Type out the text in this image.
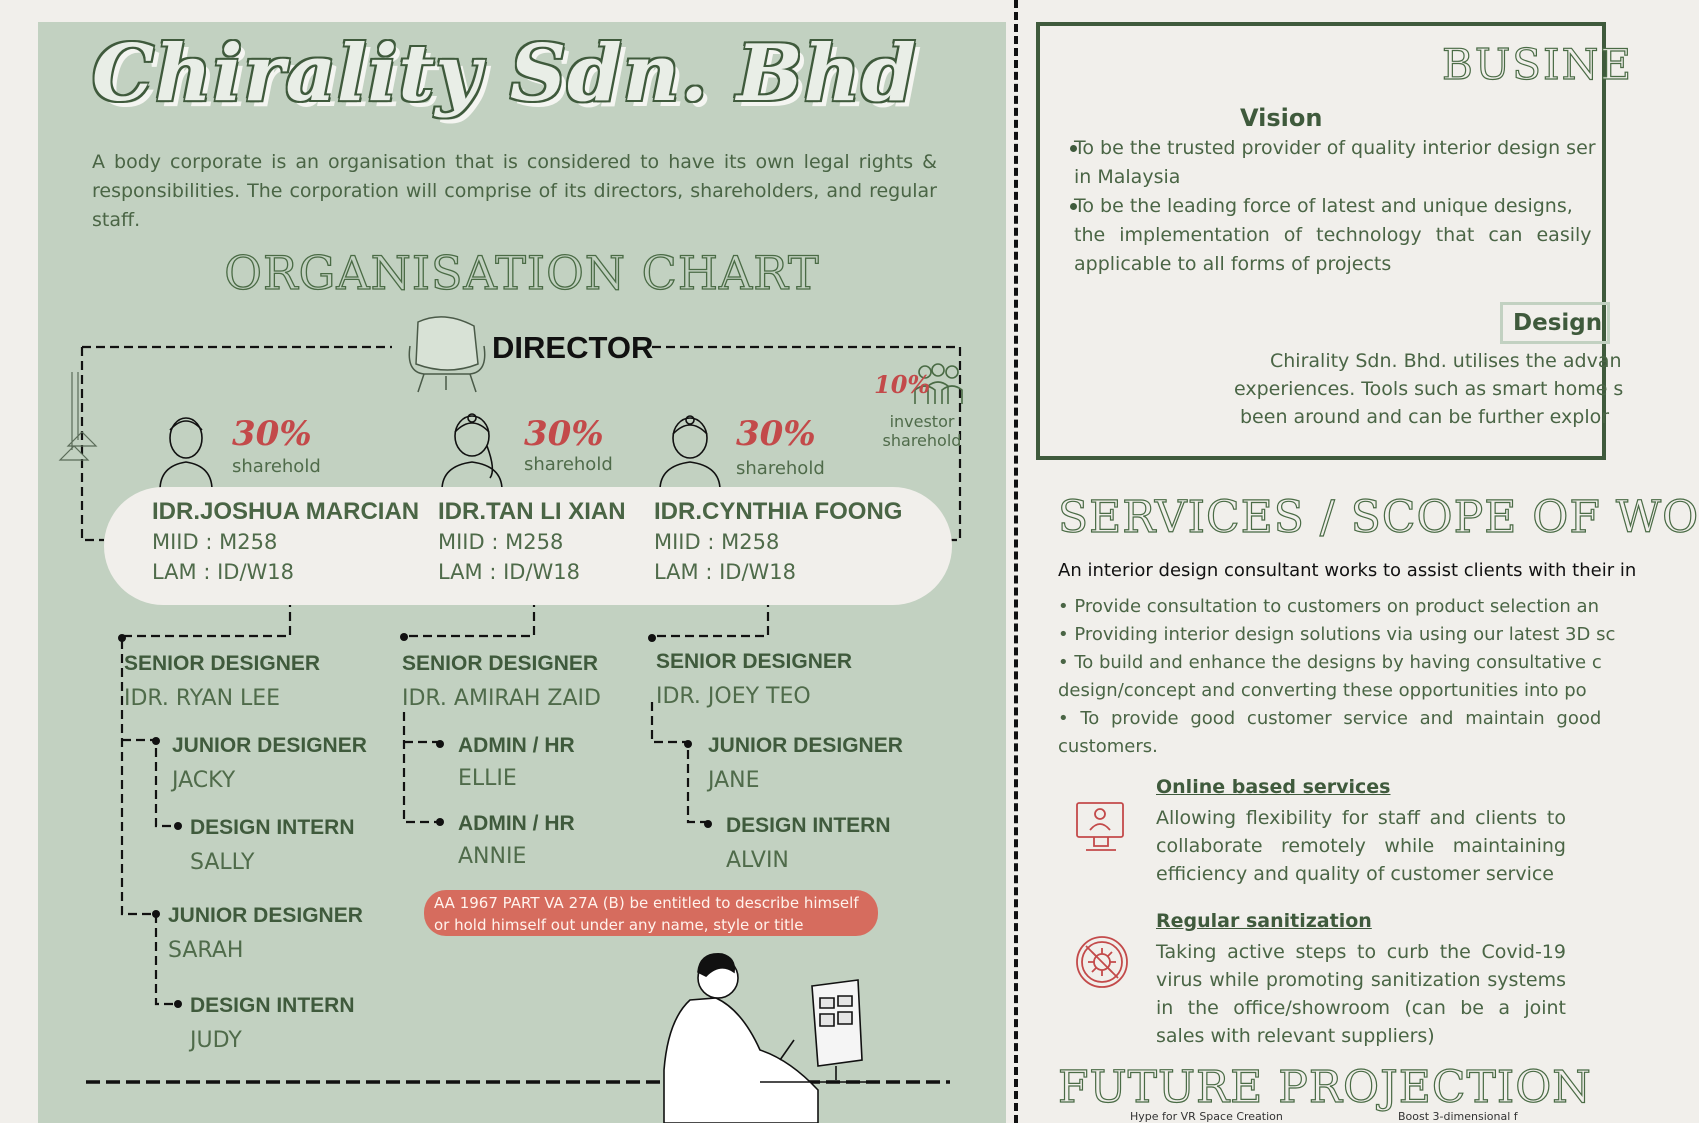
Chirality Sdn. Bhd
A body corporate is an organisation that is considered to have its own legal rights & responsibilities. The corporation will comprise of its directors, shareholders, and regular staff.
ORGANISATION CHART
DIRECTOR
10%
investor
sharehold
30%
sharehold
30%
sharehold
30%
sharehold
IDR.JOSHUA MARCIAN
MIID : M258
LAM : ID/W18
IDR.TAN LI XIAN
MIID : M258
LAM : ID/W18
IDR.CYNTHIA FOONG
MIID : M258
LAM : ID/W18
SENIOR DESIGNER
IDR. RYAN LEE
JUNIOR DESIGNER
JACKY
DESIGN INTERN
SALLY
JUNIOR DESIGNER
SARAH
DESIGN INTERN
JUDY
SENIOR DESIGNER
IDR. AMIRAH ZAID
ADMIN / HR
ELLIE
ADMIN / HR
ANNIE
SENIOR DESIGNER
IDR. JOEY TEO
JUNIOR DESIGNER
JANE
DESIGN INTERN
ALVIN
AA 1967 PART VA 27A (B) be entitled to describe himself or hold himself out under any name, style or title
BUSINE
Vision
To be the trusted provider of quality interior design ser
in Malaysia
To be the leading force of latest and unique designs,
the implementation of technology that can easily
applicable to all forms of projects
Design
Chirality Sdn. Bhd. utilises the advan
experiences. Tools such as smart home s
been around and can be further explor
SERVICES / SCOPE OF WO
An interior design consultant works to assist clients with their in
• Provide consultation to customers on product selection an
• Providing interior design solutions via using our latest 3D sc
• To build and enhance the designs by having consultative c
design/concept and converting these opportunities into po
• To provide good customer service and maintain good
customers.
Online based services
Allowing flexibility for staff and clients to collaborate remotely while maintaining efficiency and quality of customer service
Regular sanitization
Taking active steps to curb the Covid-19 virus while promoting sanitization systems in the office/showroom (can be a joint sales with relevant suppliers)
FUTURE PROJECTION
Hype for VR Space Creation	Boost 3-dimensional f
